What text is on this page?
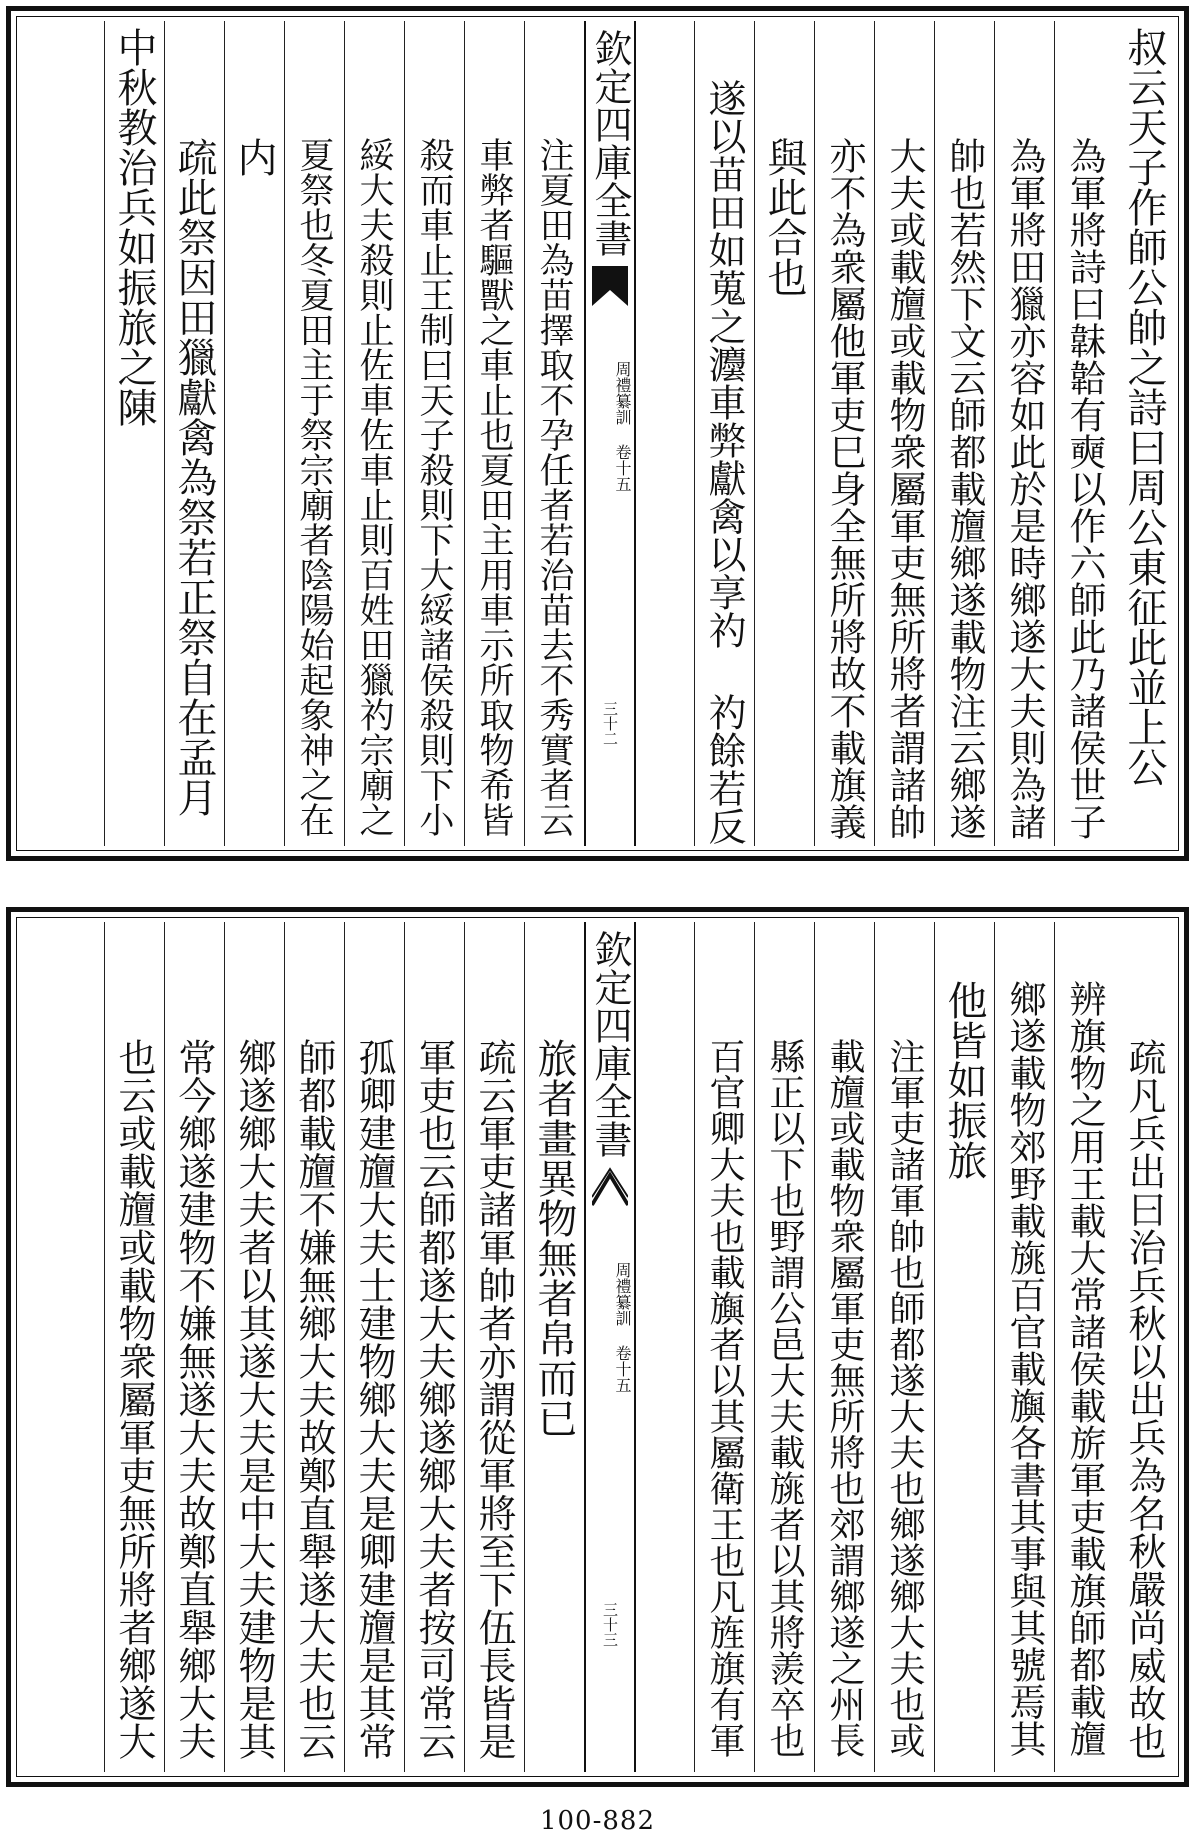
叔云天子作師公帥之詩曰周公東征此並上公
為軍將詩曰韎韐有奭以作六師此乃諸侯世子
為軍將田獵亦容如此於是時鄉遂大夫則為諸
帥也若然下文云師都載旜鄉遂載物注云鄉遂
大夫或載旜或載物衆屬軍吏無所將者謂諸帥
亦不為衆屬他軍吏巳身全無所將故不載旗義
與此合也
遂以苗田如蒐之灋車弊獻禽以享礿 礿餘若反
欽定四庫全書
周禮纂訓 卷十五
三十二
注夏田為苗擇取不孕任者若治苗去不秀實者云
車弊者驅獸之車止也夏田主用車示所取物希皆
殺而車止王制曰天子殺則下大綏諸侯殺則下小
綏大夫殺則止佐車佐車止則百姓田獵礿宗廟之
夏祭也冬夏田主于祭宗廟者陰陽始起象神之在
内
疏此祭因田獵獻禽為祭若正祭自在孟月
中秋教治兵如振旅之陳
疏凡兵出曰治兵秋以出兵為名秋嚴尚威故也
辨旗物之用王載大常諸侯載旂軍吏載旗師都載旜
鄉遂載物郊野載旐百官載旟各書其事與其號焉其
他皆如振旅
注軍吏諸軍帥也師都遂大夫也鄉遂鄉大夫也或
載旜或載物衆屬軍吏無所將也郊謂鄉遂之州長
縣正以下也野謂公邑大夫載旐者以其將羨卒也
百官卿大夫也載旟者以其屬衛王也凡旌旗有軍
欽定四庫全書
周禮纂訓 卷十五
三十三
旅者畫異物無者帛而已
疏云軍吏諸軍帥者亦謂從軍將至下伍長皆是
軍吏也云師都遂大夫鄉遂鄉大夫者按司常云
孤卿建旜大夫士建物鄉大夫是卿建旜是其常
師都載旜不嫌無鄉大夫故鄭直舉遂大夫也云
鄉遂鄉大夫者以其遂大夫是中大夫建物是其
常今鄉遂建物不嫌無遂大夫故鄭直舉鄉大夫
也云或載旜或載物衆屬軍吏無所將者鄉遂大
100-882
